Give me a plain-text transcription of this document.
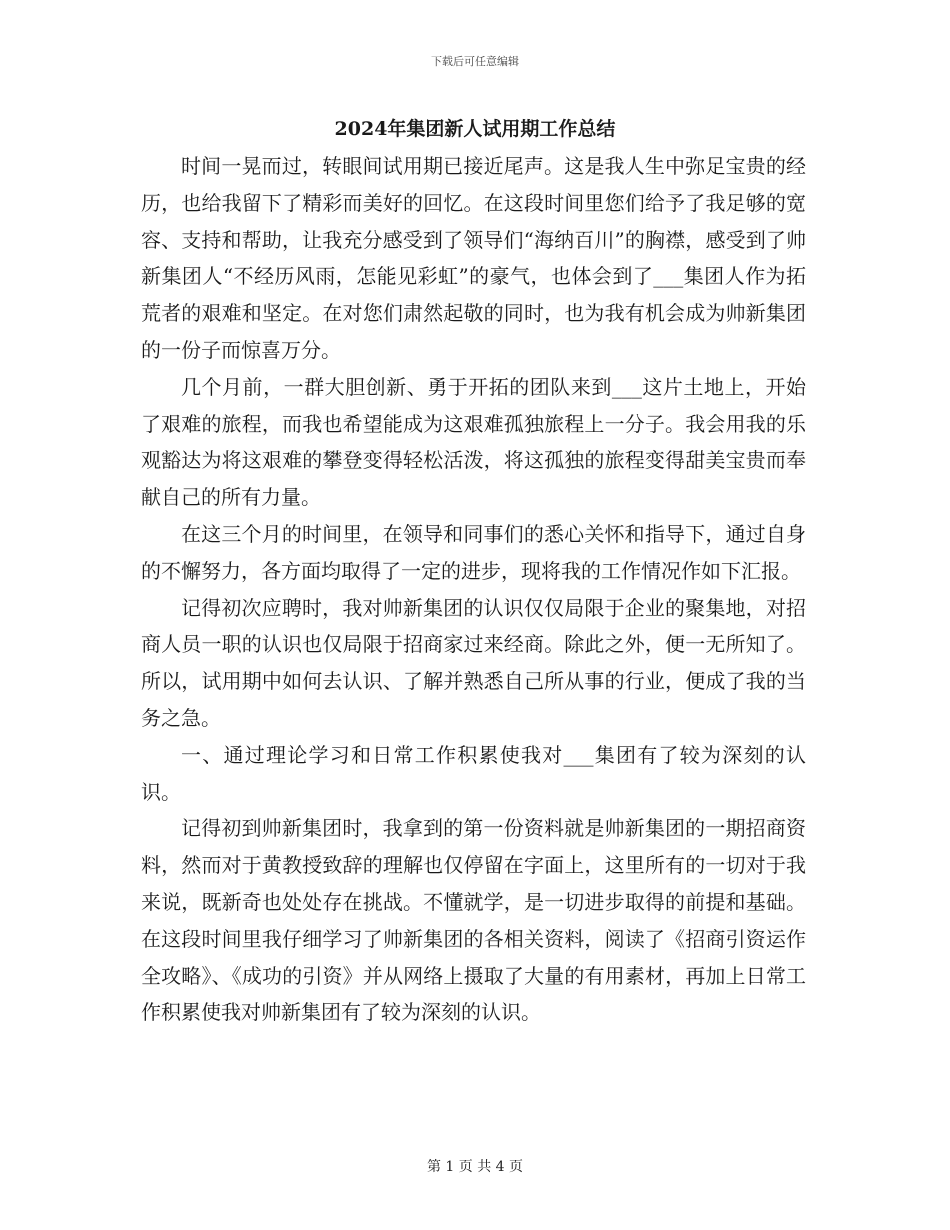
下载后可任意编辑
2024年集团新人试用期工作总结

时间一晃而过，转眼间试用期已接近尾声。这是我人生中弥足宝贵的经历，也给我留下了精彩而美好的回忆。在这段时间里您们给予了我足够的宽容、支持和帮助，让我充分感受到了领导们“海纳百川”的胸襟，感受到了帅新集团人“不经历风雨，怎能见彩虹”的豪气，也体会到了___集团人作为拓荒者的艰难和坚定。在对您们肃然起敬的同时，也为我有机会成为帅新集团的一份子而惊喜万分。

几个月前，一群大胆创新、勇于开拓的团队来到___这片土地上，开始了艰难的旅程，而我也希望能成为这艰难孤独旅程上一分子。我会用我的乐观豁达为将这艰难的攀登变得轻松活泼，将这孤独的旅程变得甜美宝贵而奉献自己的所有力量。

在这三个月的时间里，在领导和同事们的悉心关怀和指导下，通过自身的不懈努力，各方面均取得了一定的进步，现将我的工作情况作如下汇报。

记得初次应聘时，我对帅新集团的认识仅仅局限于企业的聚集地，对招商人员一职的认识也仅局限于招商家过来经商。除此之外，便一无所知了。所以，试用期中如何去认识、了解并熟悉自己所从事的行业，便成了我的当务之急。

一、通过理论学习和日常工作积累使我对___集团有了较为深刻的认识。

记得初到帅新集团时，我拿到的第一份资料就是帅新集团的一期招商资料，然而对于黄教授致辞的理解也仅停留在字面上，这里所有的一切对于我来说，既新奇也处处存在挑战。不懂就学，是一切进步取得的前提和基础。在这段时间里我仔细学习了帅新集团的各相关资料，阅读了《招商引资运作全攻略》、《成功的引资》并从网络上摄取了大量的有用素材，再加上日常工作积累使我对帅新集团有了较为深刻的认识。

第 1 页 共 4 页
